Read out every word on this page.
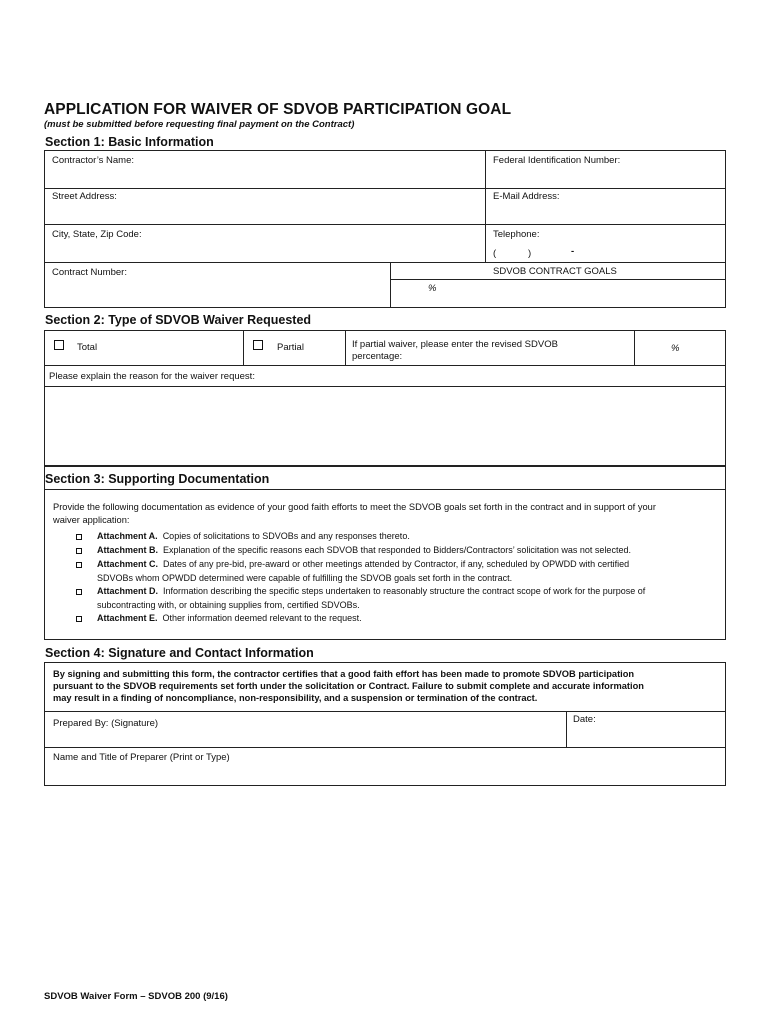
APPLICATION FOR WAIVER OF SDVOB PARTICIPATION GOAL
(must be submitted before requesting final payment on the Contract)
Section 1: Basic Information
Contractor’s Name:	Federal Identification Number:
Street Address:	E-Mail Address:
City, State, Zip Code:	Telephone:
(	)	-
Contract Number:	SDVOB CONTRACT GOALS
%
Section 2: Type of SDVOB Waiver Requested
Total	Partial	If partial waiver, please enter the revised SDVOB
percentage:
%
Please explain the reason for the waiver request:
Section 3: Supporting Documentation
Provide the following documentation as evidence of your good faith efforts to meet the SDVOB goals set forth in the contract and in support of your
waiver application:
Attachment A. Copies of solicitations to SDVOBs and any responses thereto.
Attachment B. Explanation of the specific reasons each SDVOB that responded to Bidders/Contractors’ solicitation was not selected.
Attachment C. Dates of any pre-bid, pre-award or other meetings attended by Contractor, if any, scheduled by OPWDD with certified
SDVOBs whom OPWDD determined were capable of fulfilling the SDVOB goals set forth in the contract.
Attachment D. Information describing the specific steps undertaken to reasonably structure the contract scope of work for the purpose of
subcontracting with, or obtaining supplies from, certified SDVOBs.
Attachment E. Other information deemed relevant to the request.
Section 4: Signature and Contact Information
By signing and submitting this form, the contractor certifies that a good faith effort has been made to promote SDVOB participation
pursuant to the SDVOB requirements set forth under the solicitation or Contract. Failure to submit complete and accurate information
may result in a finding of noncompliance, non-responsibility, and a suspension or termination of the contract.
Prepared By: (Signature)	Date:
Name and Title of Preparer (Print or Type)
SDVOB Waiver Form – SDVOB 200 (9/16)
